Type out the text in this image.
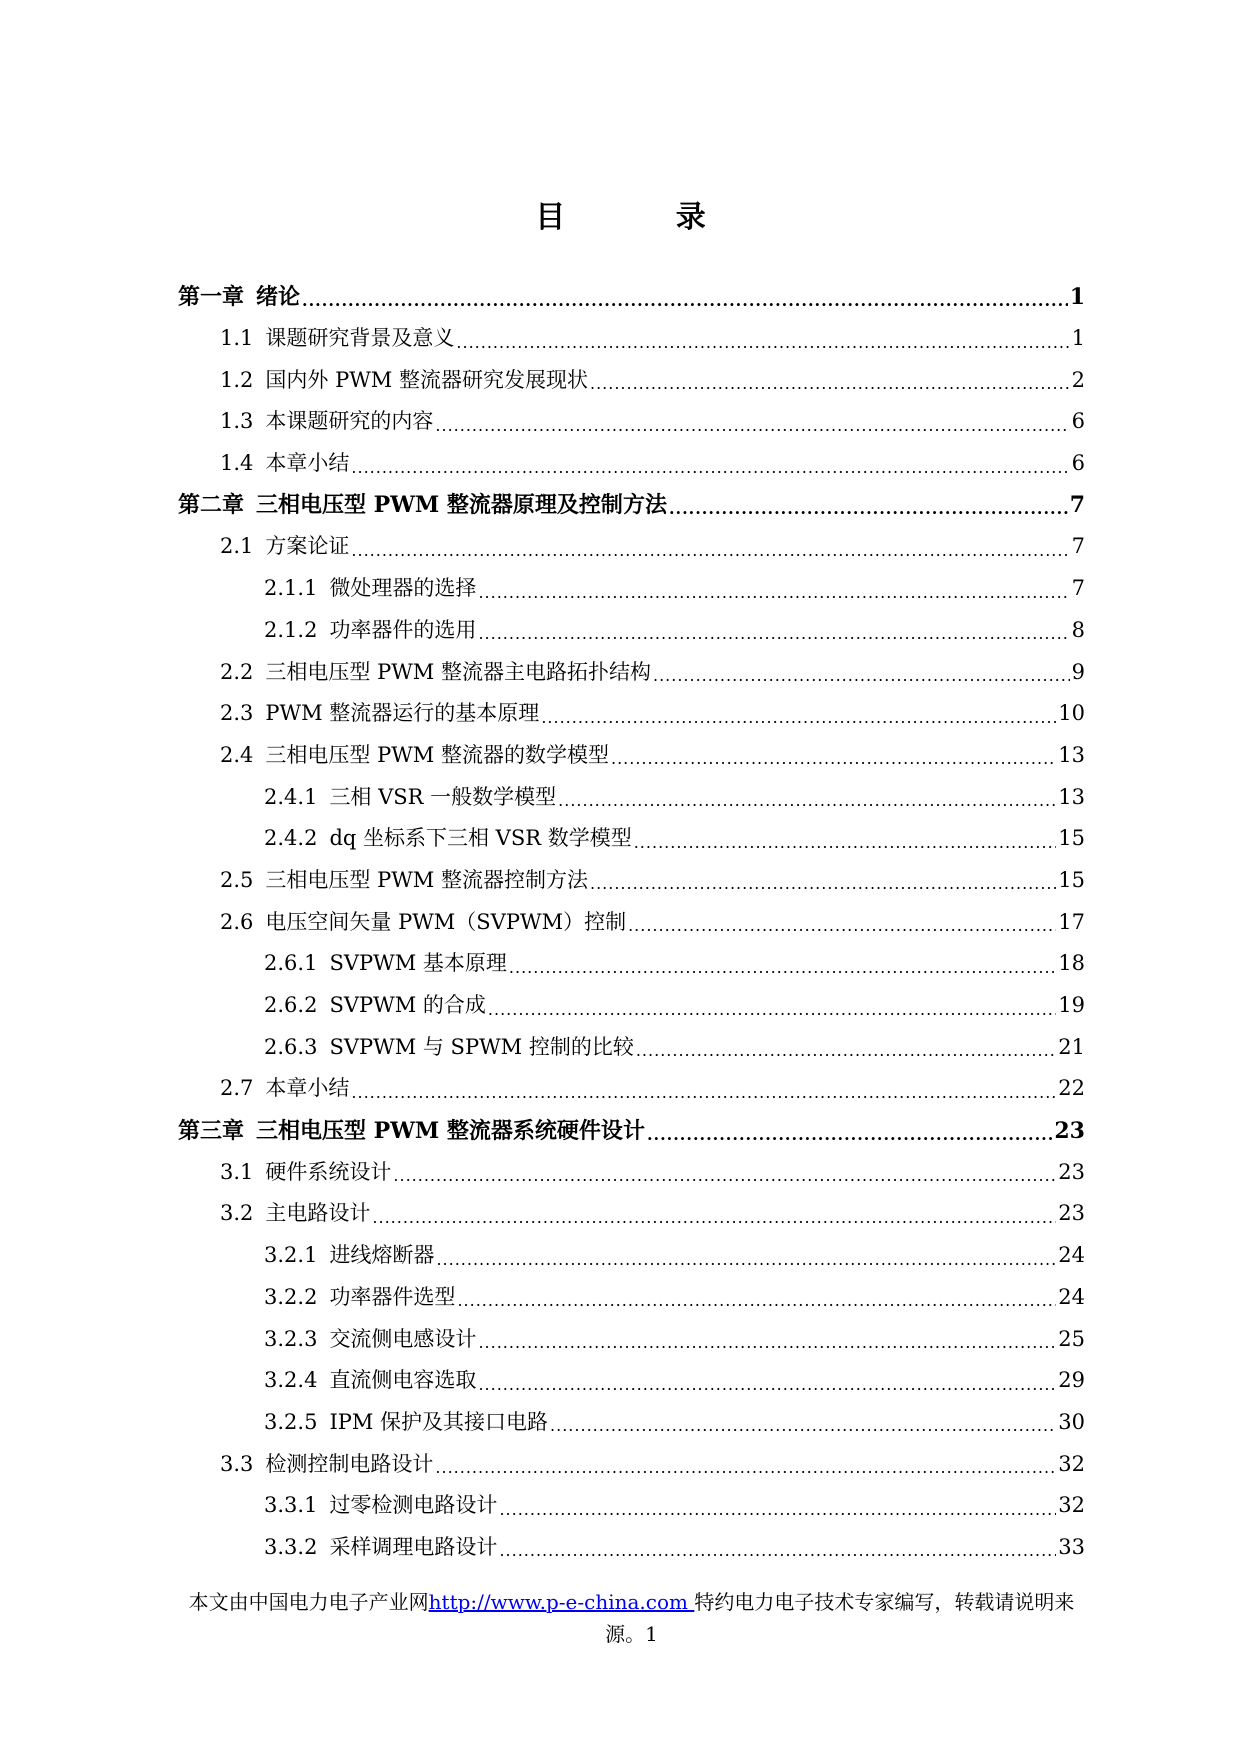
目 录
第一章 绪论 .....	1
1.1 课题研究背景及意义 .....	1
1.2 国内外 PWM 整流器研究发展现状 .....	2
1.3 本课题研究的内容 .....	6
1.4 本章小结 .....	6
第二章 三相电压型 PWM 整流器原理及控制方法 .....	7
2.1 方案论证 .....	7
2.1.1 微处理器的选择 .....	7
2.1.2 功率器件的选用 .....	8
2.2 三相电压型 PWM 整流器主电路拓扑结构 .....	9
2.3 PWM 整流器运行的基本原理 .....	10
2.4 三相电压型 PWM 整流器的数学模型 .....	13
2.4.1 三相 VSR 一般数学模型 .....	13
2.4.2 dq 坐标系下三相 VSR 数学模型 .....	15
2.5 三相电压型 PWM 整流器控制方法 .....	15
2.6 电压空间矢量 PWM（SVPWM）控制 .....	17
2.6.1 SVPWM 基本原理 .....	18
2.6.2 SVPWM 的合成 .....	19
2.6.3 SVPWM 与 SPWM 控制的比较 .....	21
2.7 本章小结 .....	22
第三章 三相电压型 PWM 整流器系统硬件设计 .....	23
3.1 硬件系统设计 .....	23
3.2 主电路设计 .....	23
3.2.1 进线熔断器 .....	24
3.2.2 功率器件选型 .....	24
3.2.3 交流侧电感设计 .....	25
3.2.4 直流侧电容选取 .....	29
3.2.5 IPM 保护及其接口电路 .....	30
3.3 检测控制电路设计 .....	32
3.3.1 过零检测电路设计 .....	32
3.3.2 采样调理电路设计 .....	33
本文由中国电力电子产业网http://www.p-e-china.com 特约电力电子技术专家编写，转载请说明来源。1
